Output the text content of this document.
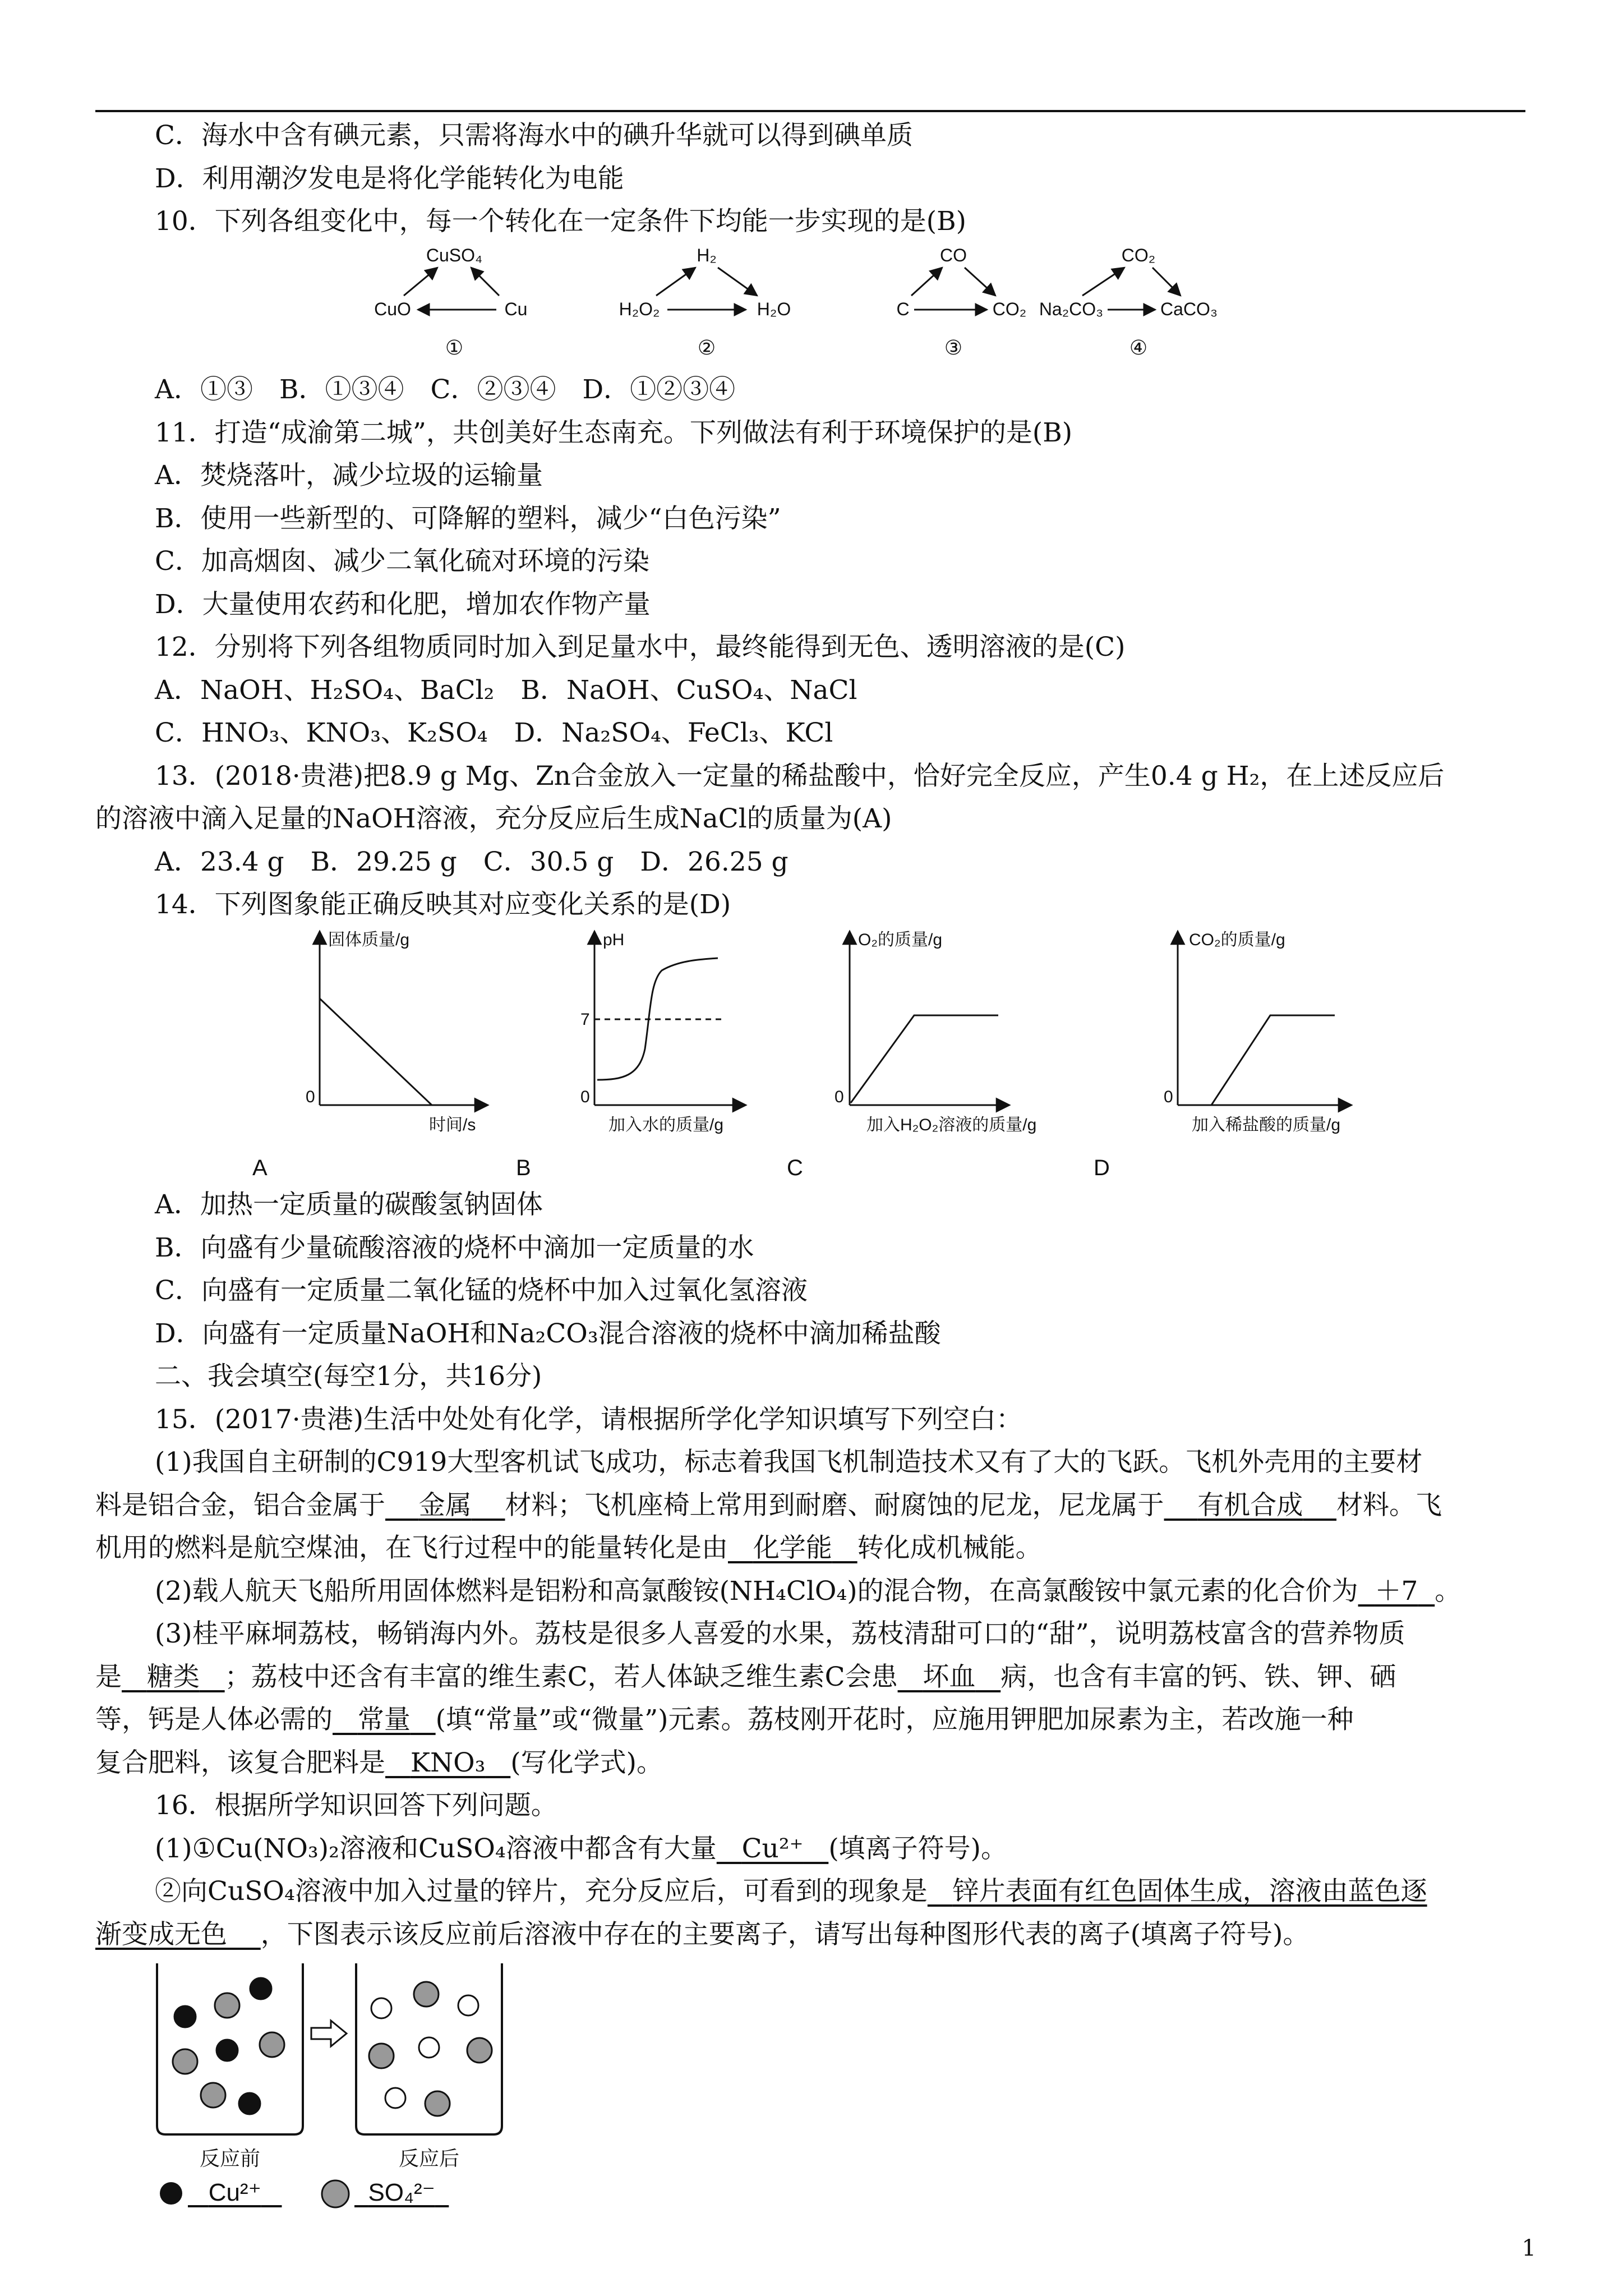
C．海水中含有碘元素，只需将海水中的碘升华就可以得到碘单质
D．利用潮汐发电是将化学能转化为电能
10．下列各组变化中，每一个转化在一定条件下均能一步实现的是(B)
CuSO₄
CuO	Cu
①
H₂
H₂O₂	H₂O
②
CO
C	CO₂
③
CO₂
Na₂CO₃	CaCO₃
④
A．①③　B．①③④　C．②③④　D．①②③④
11．打造“成渝第二城”，共创美好生态南充。下列做法有利于环境保护的是(B)
A．焚烧落叶，减少垃圾的运输量
B．使用一些新型的、可降解的塑料，减少“白色污染”
C．加高烟囱、减少二氧化硫对环境的污染
D．大量使用农药和化肥，增加农作物产量
12．分别将下列各组物质同时加入到足量水中，最终能得到无色、透明溶液的是(C)
A．NaOH、H₂SO₄、BaCl₂　B．NaOH、CuSO₄、NaCl
C．HNO₃、KNO₃、K₂SO₄　D．Na₂SO₄、FeCl₃、KCl
13．(2018·贵港)把8.9 g Mg、Zn合金放入一定量的稀盐酸中，恰好完全反应，产生0.4 g H₂，在上述反应后
的溶液中滴入足量的NaOH溶液，充分反应后生成NaCl的质量为(A)
A．23.4 g　B．29.25 g　C．30.5 g　D．26.25 g
14．下列图象能正确反映其对应变化关系的是(D)
固体质量/g
0
时间/s
A
pH
7
0
加入水的质量/g
B
O₂的质量/g
0
加入H₂O₂溶液的质量/g
C
CO₂的质量/g
0
加入稀盐酸的质量/g
D
A．加热一定质量的碳酸氢钠固体
B．向盛有少量硫酸溶液的烧杯中滴加一定质量的水
C．向盛有一定质量二氧化锰的烧杯中加入过氧化氢溶液
D．向盛有一定质量NaOH和Na₂CO₃混合溶液的烧杯中滴加稀盐酸
二、我会填空(每空1分，共16分)
15．(2017·贵港)生活中处处有化学，请根据所学化学知识填写下列空白：
(1)我国自主研制的C919大型客机试飞成功，标志着我国飞机制造技术又有了大的飞跃。飞机外壳用的主要材
料是铝合金，铝合金属于 金属 材料；飞机座椅上常用到耐磨、耐腐蚀的尼龙，尼龙属于 有机合成 材料。飞
机用的燃料是航空煤油，在飞行过程中的能量转化是由 化学能 转化成机械能。
(2)载人航天飞船所用固体燃料是铝粉和高氯酸铵(NH₄ClO₄)的混合物，在高氯酸铵中氯元素的化合价为 ＋7 。
(3)桂平麻垌荔枝，畅销海内外。荔枝是很多人喜爱的水果，荔枝清甜可口的“甜”，说明荔枝富含的营养物质
是 糖类 ；荔枝中还含有丰富的维生素C，若人体缺乏维生素C会患 坏血 病，也含有丰富的钙、铁、钾、硒
等，钙是人体必需的 常量 (填“常量”或“微量”)元素。荔枝刚开花时，应施用钾肥加尿素为主，若改施一种
复合肥料，该复合肥料是 KNO₃ (写化学式)。
16．根据所学知识回答下列问题。
(1)①Cu(NO₃)₂溶液和CuSO₄溶液中都含有大量 Cu²⁺ (填离子符号)。
②向CuSO₄溶液中加入过量的锌片，充分反应后，可看到的现象是 锌片表面有红色固体生成，溶液由蓝色逐
渐变成无色 ，下图表示该反应前后溶液中存在的主要离子，请写出每种图形代表的离子(填离子符号)。
反应前	反应后
Cu²⁺	SO₄²⁻
1
